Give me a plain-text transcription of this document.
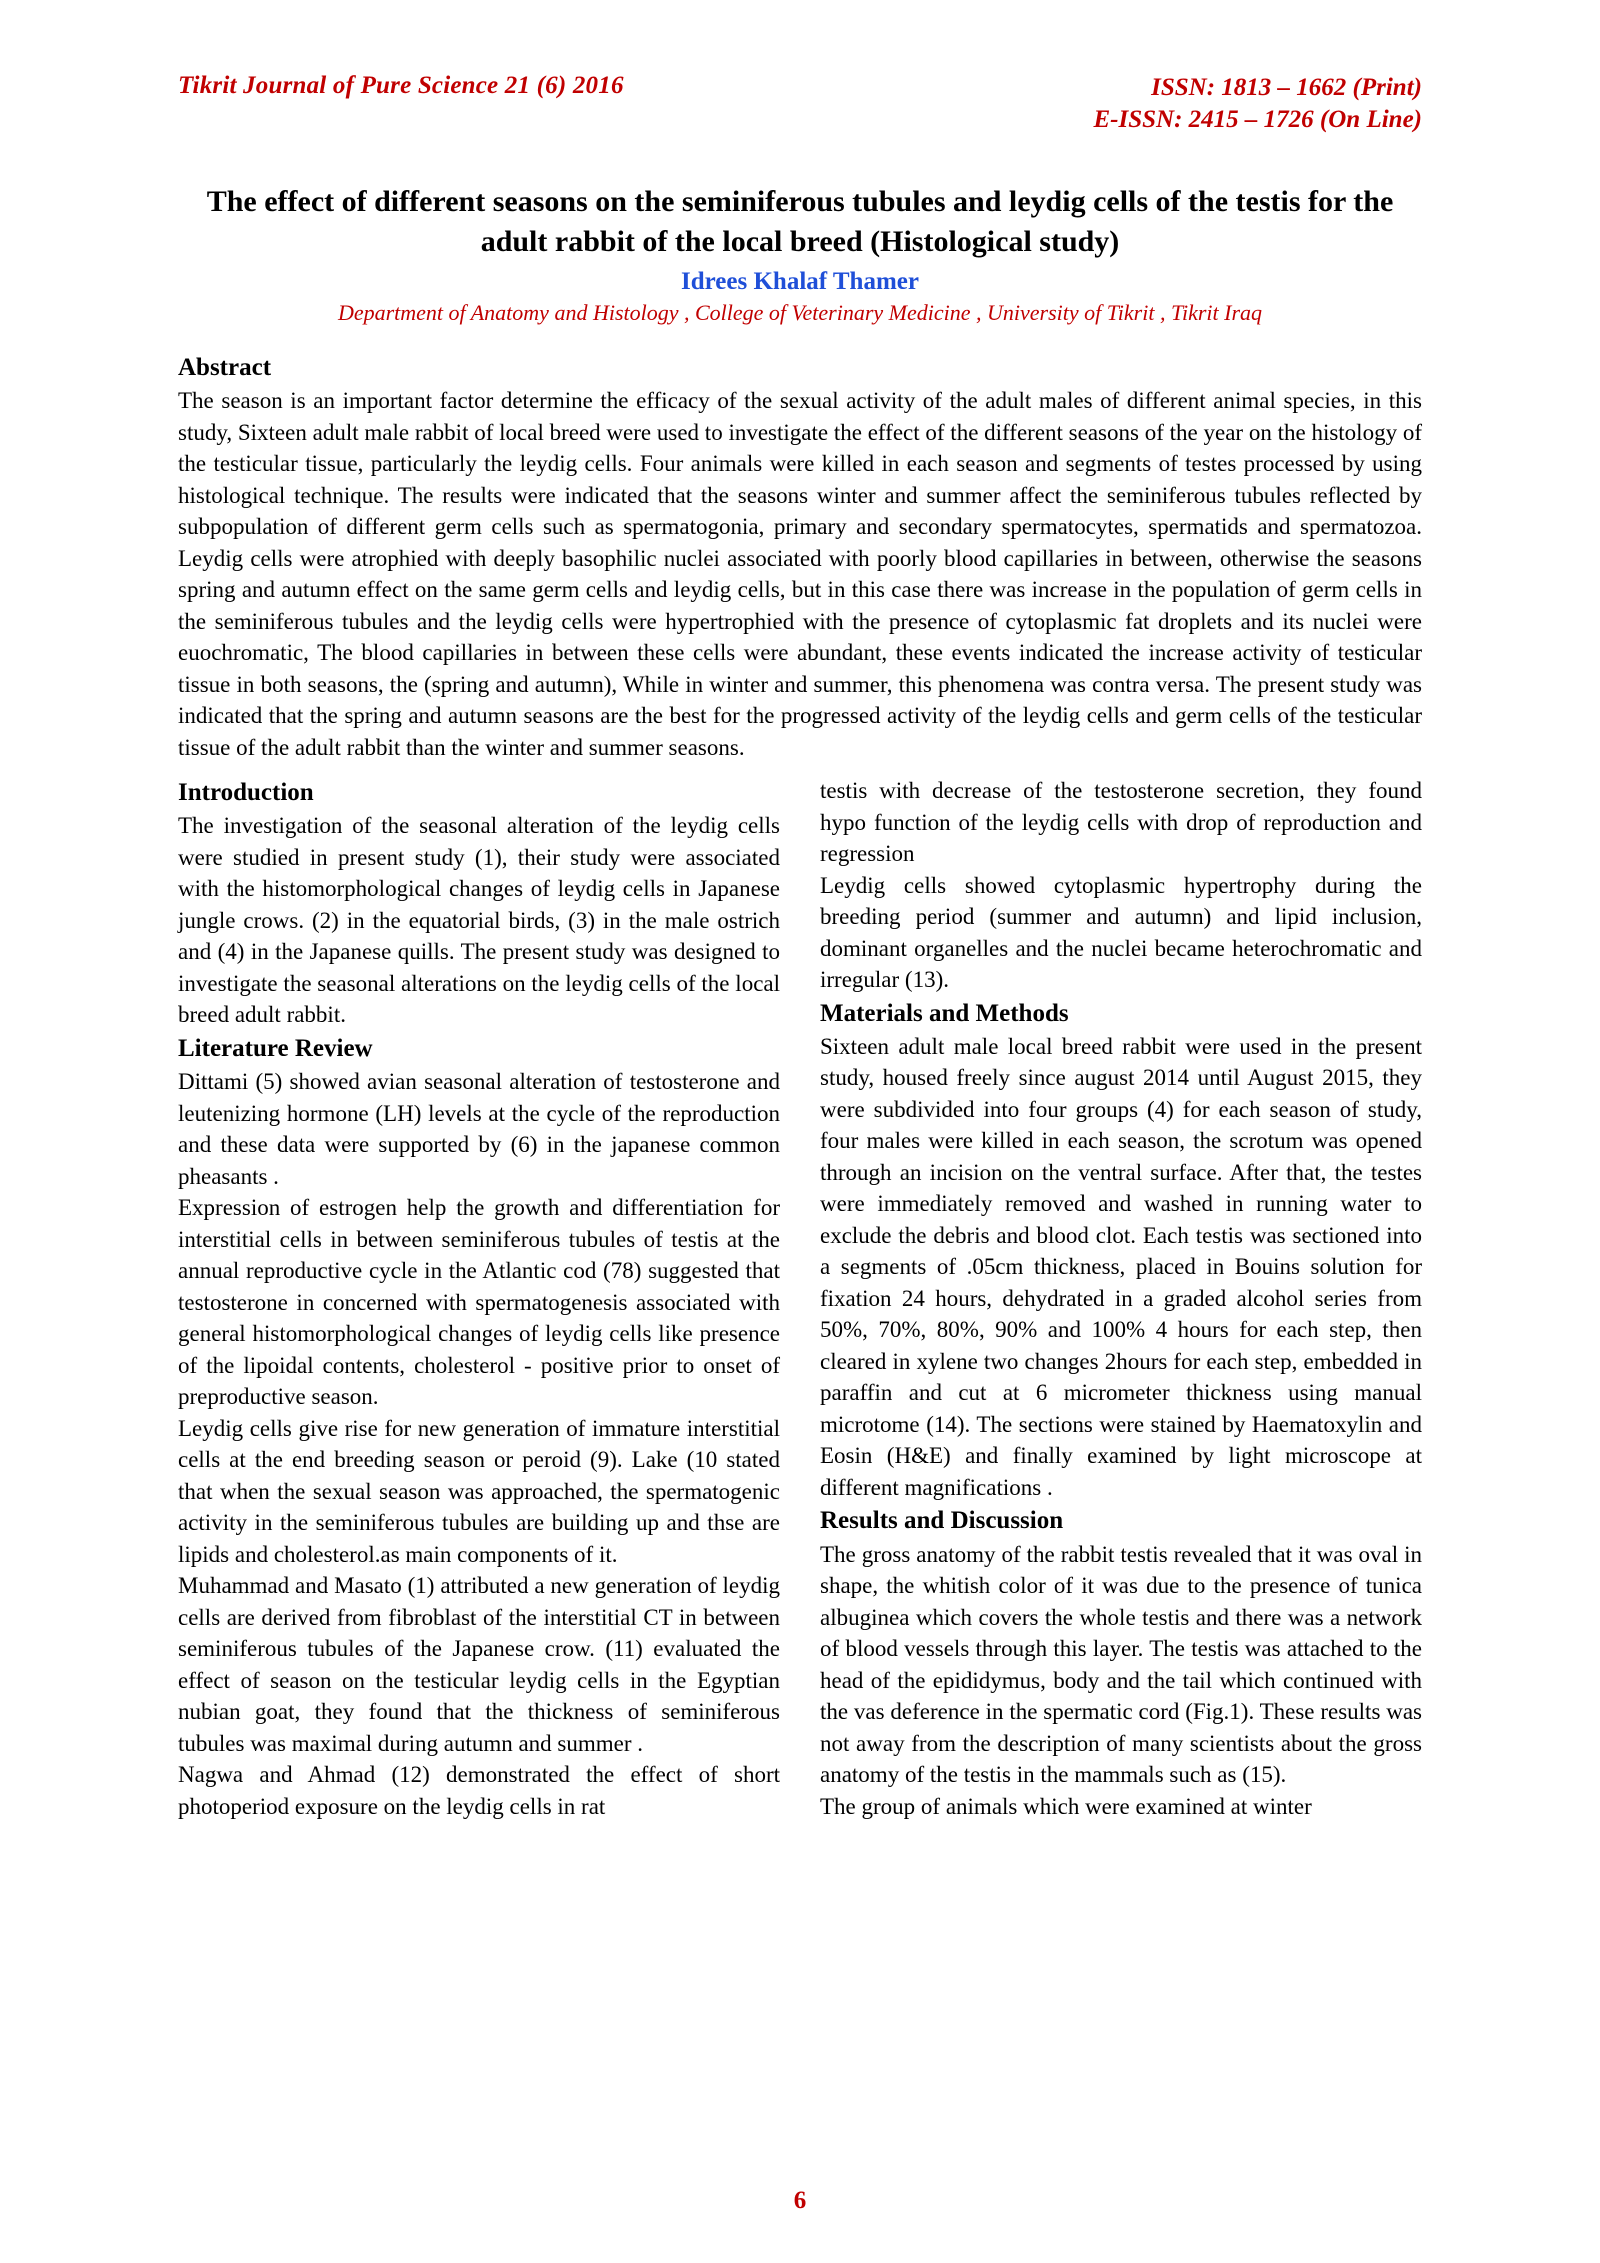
Tikrit Journal of Pure Science 21 (6) 2016	ISSN: 1813 – 1662 (Print)
E-ISSN: 2415 – 1726 (On Line)
The effect of different seasons on the seminiferous tubules and leydig cells of the testis for the adult rabbit of the local breed (Histological study)
Idrees Khalaf Thamer
Department of Anatomy and Histology , College of Veterinary Medicine , University of Tikrit , Tikrit Iraq
Abstract
The season is an important factor determine the efficacy of the sexual activity of the adult males of different animal species, in this study, Sixteen adult male rabbit of local breed were used to investigate the effect of the different seasons of the year on the histology of the testicular tissue, particularly the leydig cells. Four animals were killed in each season and segments of testes processed by using histological technique. The results were indicated that the seasons winter and summer affect the seminiferous tubules reflected by subpopulation of different germ cells such as spermatogonia, primary and secondary spermatocytes, spermatids and spermatozoa. Leydig cells were atrophied with deeply basophilic nuclei associated with poorly blood capillaries in between, otherwise the seasons spring and autumn effect on the same germ cells and leydig cells, but in this case there was increase in the population of germ cells in the seminiferous tubules and the leydig cells were hypertrophied with the presence of cytoplasmic fat droplets and its nuclei were euochromatic, The blood capillaries in between these cells were abundant, these events indicated the increase activity of testicular tissue in both seasons, the (spring and autumn), While in winter and summer, this phenomena was contra versa. The present study was indicated that the spring and autumn seasons are the best for the progressed activity of the leydig cells and germ cells of the testicular tissue of the adult rabbit than the winter and summer seasons.
Introduction

The investigation of the seasonal alteration of the leydig cells were studied in present study (1), their study were associated with the histomorphological changes of leydig cells in Japanese jungle crows. (2) in the equatorial birds, (3) in the male ostrich and (4) in the Japanese quills. The present study was designed to investigate the seasonal alterations on the leydig cells of the local breed adult rabbit.

Literature Review

Dittami (5) showed avian seasonal alteration of testosterone and leutenizing hormone (LH) levels at the cycle of the reproduction and these data were supported by (6) in the japanese common pheasants .

Expression of estrogen help the growth and differentiation for interstitial cells in between seminiferous tubules of testis at the annual reproductive cycle in the Atlantic cod (78) suggested that testosterone in concerned with spermatogenesis associated with general histomorphological changes of leydig cells like presence of the lipoidal contents, cholesterol - positive prior to onset of preproductive season.

Leydig cells give rise for new generation of immature interstitial cells at the end breeding season or peroid (9). Lake (10 stated that when the sexual season was approached, the spermatogenic activity in the seminiferous tubules are building up and thse are lipids and cholesterol.as main components of it.

Muhammad and Masato (1) attributed a new generation of leydig cells are derived from fibroblast of the interstitial CT in between seminiferous tubules of the Japanese crow. (11) evaluated the effect of season on the testicular leydig cells in the Egyptian nubian goat, they found that the thickness of seminiferous tubules was maximal during autumn and summer .

Nagwa and Ahmad (12) demonstrated the effect of short photoperiod exposure on the leydig cells in rat

testis with decrease of the testosterone secretion, they found hypo function of the leydig cells with drop of reproduction and regression

Leydig cells showed cytoplasmic hypertrophy during the breeding period (summer and autumn) and lipid inclusion, dominant organelles and the nuclei became heterochromatic and irregular (13).

Materials and Methods

Sixteen adult male local breed rabbit were used in the present study, housed freely since august 2014 until August 2015, they were subdivided into four groups (4) for each season of study, four males were killed in each season, the scrotum was opened through an incision on the ventral surface. After that, the testes were immediately removed and washed in running water to exclude the debris and blood clot. Each testis was sectioned into a segments of .05cm thickness, placed in Bouins solution for fixation 24 hours, dehydrated in a graded alcohol series from 50%, 70%, 80%, 90% and 100% 4 hours for each step, then cleared in xylene two changes 2hours for each step, embedded in paraffin and cut at 6 micrometer thickness using manual microtome (14). The sections were stained by Haematoxylin and Eosin (H&E) and finally examined by light microscope at different magnifications .

Results and Discussion

The gross anatomy of the rabbit testis revealed that it was oval in shape, the whitish color of it was due to the presence of tunica albuginea which covers the whole testis and there was a network of blood vessels through this layer. The testis was attached to the head of the epididymus, body and the tail which continued with the vas deference in the spermatic cord (Fig.1). These results was not away from the description of many scientists about the gross anatomy of the testis in the mammals such as (15).

The group of animals which were examined at winter

6
